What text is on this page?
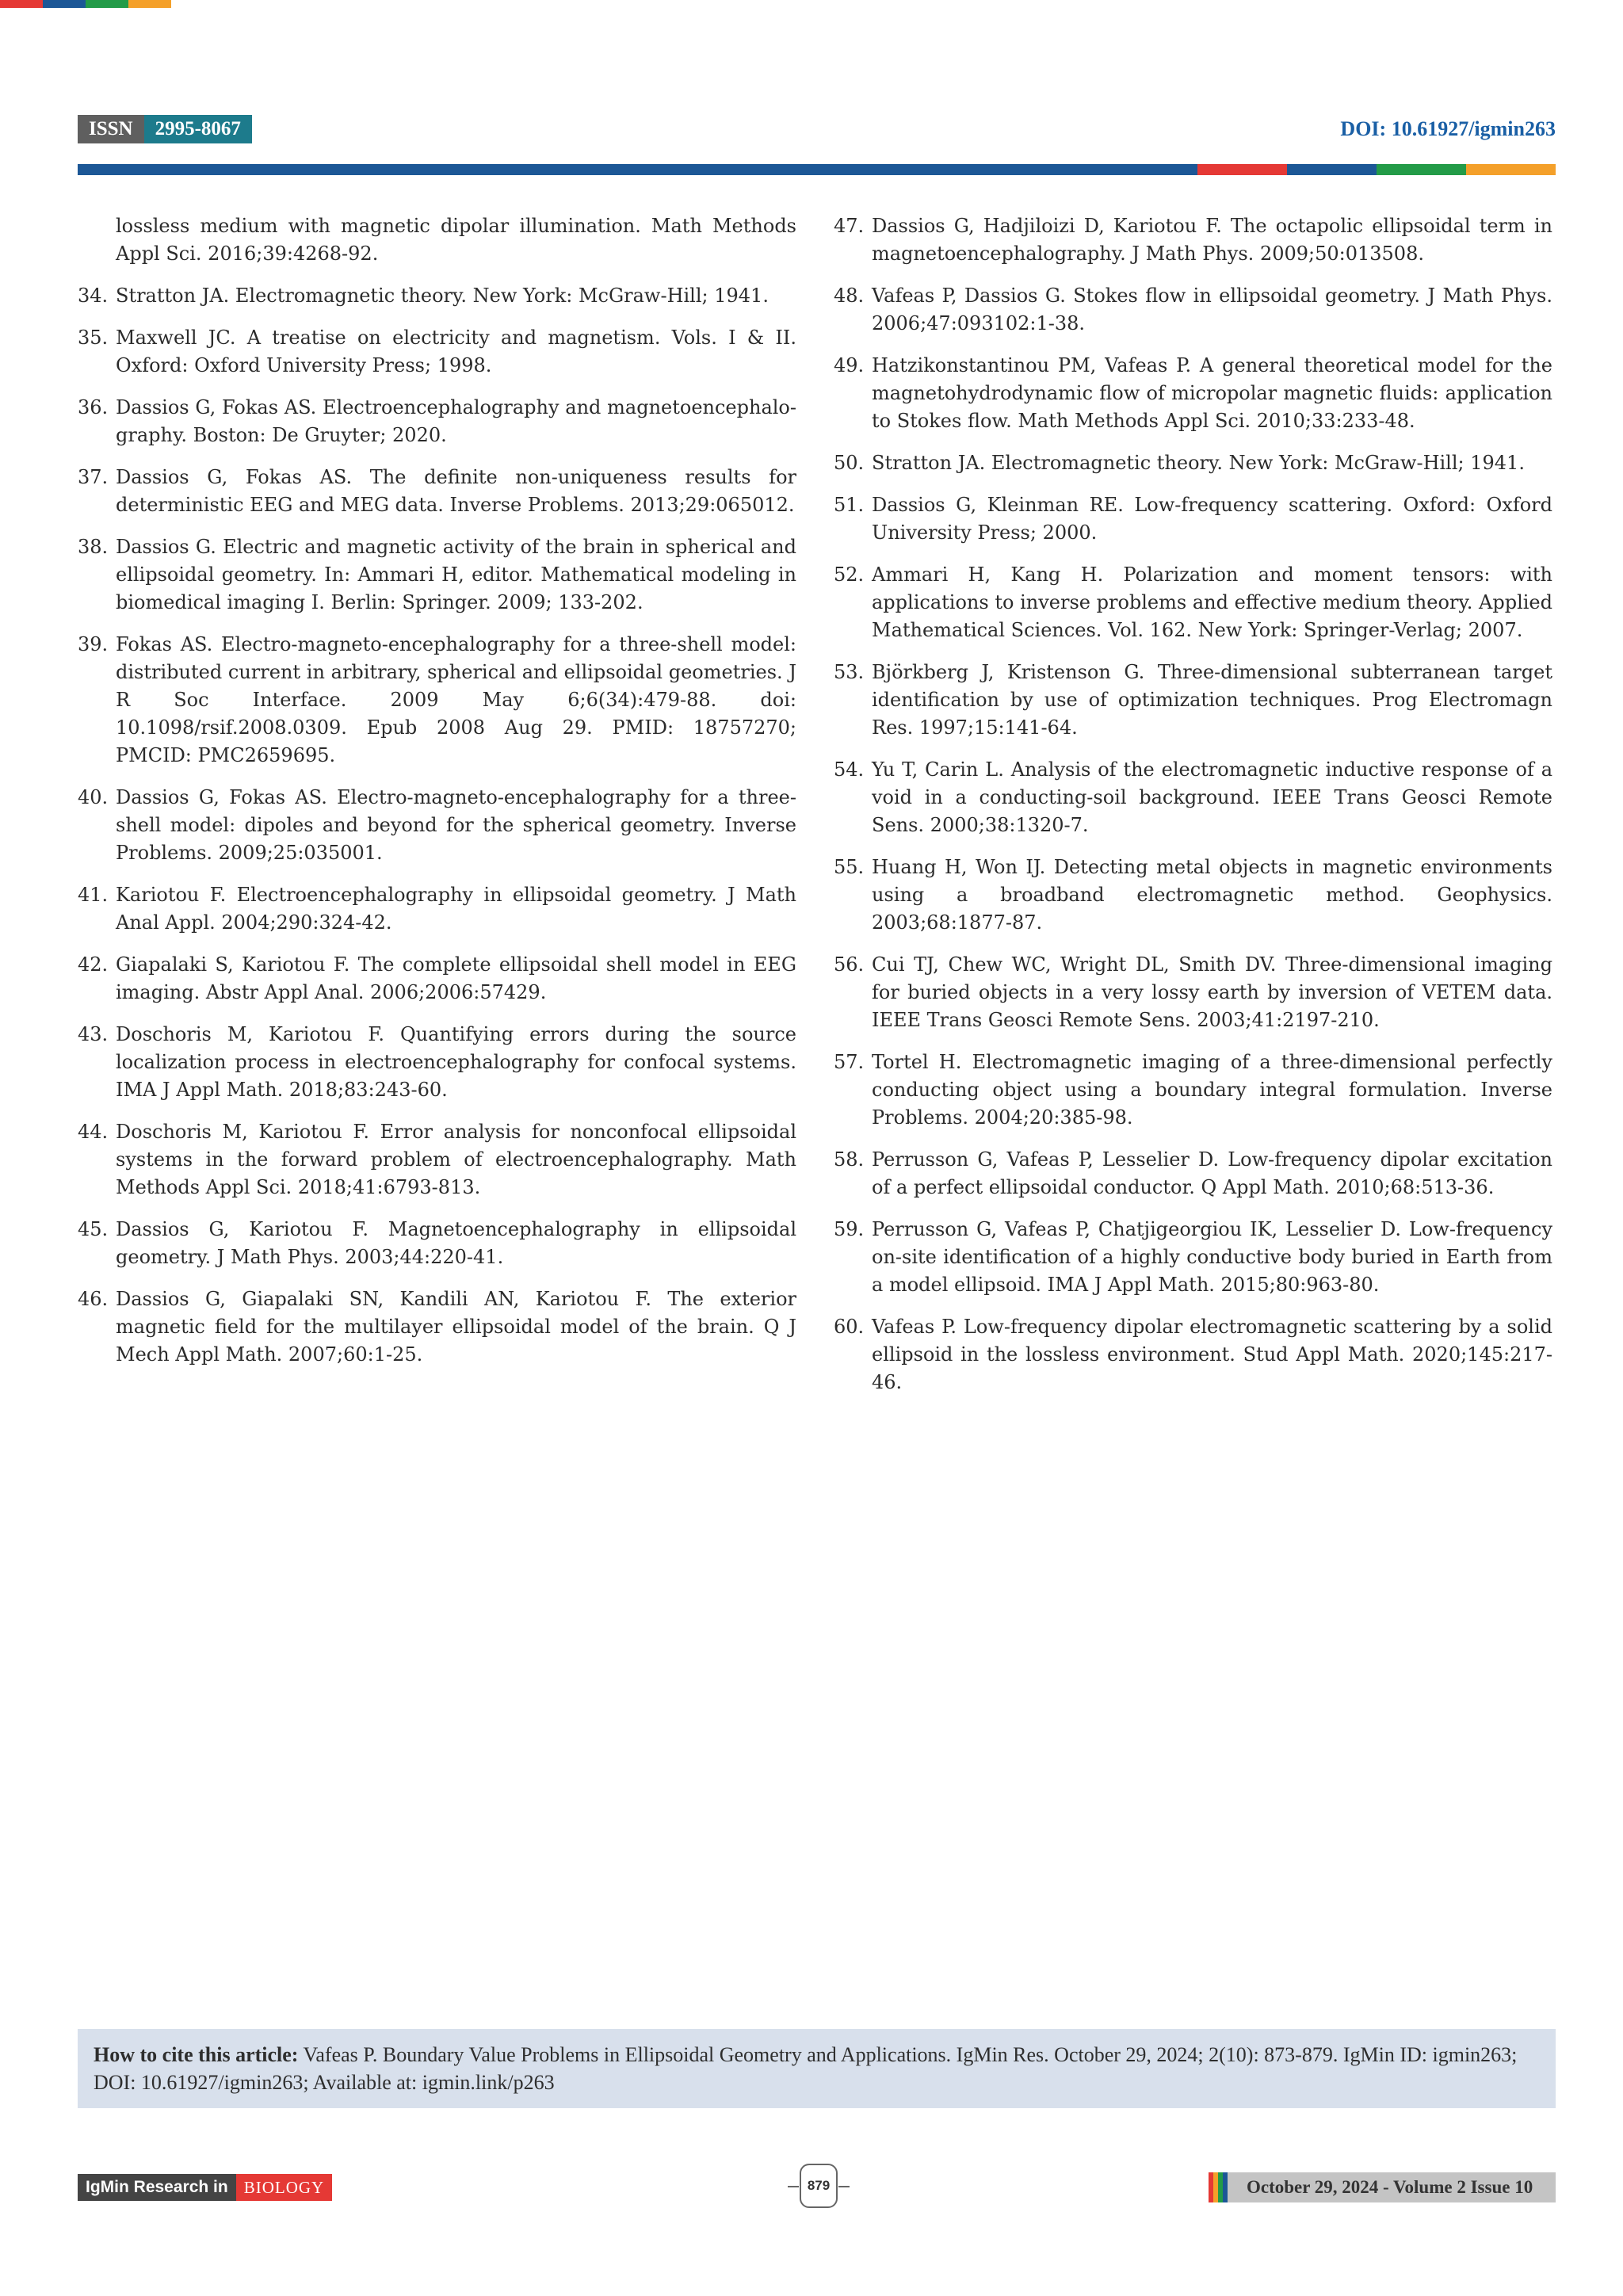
ISSN	2995-8067	DOI: 10.61927/igmin263
lossless medium with magnetic dipolar illumination. Math Methods Appl Sci. 2016;39:4268-92.
34. Stratton JA. Electromagnetic theory. New York: McGraw-Hill; 1941.
35. Maxwell JC. A treatise on electricity and magnetism. Vols. I & II. Oxford: Oxford University Press; 1998.
36. Dassios G, Fokas AS. Electroencephalography and magnetoencephalography. Boston: De Gruyter; 2020.
37. Dassios G, Fokas AS. The definite non-uniqueness results for deterministic EEG and MEG data. Inverse Problems. 2013;29:065012.
38. Dassios G. Electric and magnetic activity of the brain in spherical and ellipsoidal geometry. In: Ammari H, editor. Mathematical modeling in biomedical imaging I. Berlin: Springer. 2009; 133-202.
39. Fokas AS. Electro-magneto-encephalography for a three-shell model: distributed current in arbitrary, spherical and ellipsoidal geometries. J R Soc Interface. 2009 May 6;6(34):479-88. doi: 10.1098/rsif.2008.0309. Epub 2008 Aug 29. PMID: 18757270; PMCID: PMC2659695.
40. Dassios G, Fokas AS. Electro-magneto-encephalography for a three-shell model: dipoles and beyond for the spherical geometry. Inverse Problems. 2009;25:035001.
41. Kariotou F. Electroencephalography in ellipsoidal geometry. J Math Anal Appl. 2004;290:324-42.
42. Giapalaki S, Kariotou F. The complete ellipsoidal shell model in EEG imaging. Abstr Appl Anal. 2006;2006:57429.
43. Doschoris M, Kariotou F. Quantifying errors during the source localization process in electroencephalography for confocal systems. IMA J Appl Math. 2018;83:243-60.
44. Doschoris M, Kariotou F. Error analysis for nonconfocal ellipsoidal systems in the forward problem of electroencephalography. Math Methods Appl Sci. 2018;41:6793-813.
45. Dassios G, Kariotou F. Magnetoencephalography in ellipsoidal geometry. J Math Phys. 2003;44:220-41.
46. Dassios G, Giapalaki SN, Kandili AN, Kariotou F. The exterior magnetic field for the multilayer ellipsoidal model of the brain. Q J Mech Appl Math. 2007;60:1-25.
47. Dassios G, Hadjiloizi D, Kariotou F. The octapolic ellipsoidal term in magnetoencephalography. J Math Phys. 2009;50:013508.
48. Vafeas P, Dassios G. Stokes flow in ellipsoidal geometry. J Math Phys. 2006;47:093102:1-38.
49. Hatzikonstantinou PM, Vafeas P. A general theoretical model for the magnetohydrodynamic flow of micropolar magnetic fluids: application to Stokes flow. Math Methods Appl Sci. 2010;33:233-48.
50. Stratton JA. Electromagnetic theory. New York: McGraw-Hill; 1941.
51. Dassios G, Kleinman RE. Low-frequency scattering. Oxford: Oxford University Press; 2000.
52. Ammari H, Kang H. Polarization and moment tensors: with applications to inverse problems and effective medium theory. Applied Mathematical Sciences. Vol. 162. New York: Springer-Verlag; 2007.
53. Björkberg J, Kristenson G. Three-dimensional subterranean target identification by use of optimization techniques. Prog Electromagn Res. 1997;15:141-64.
54. Yu T, Carin L. Analysis of the electromagnetic inductive response of a void in a conducting-soil background. IEEE Trans Geosci Remote Sens. 2000;38:1320-7.
55. Huang H, Won IJ. Detecting metal objects in magnetic environments using a broadband electromagnetic method. Geophysics. 2003;68:1877-87.
56. Cui TJ, Chew WC, Wright DL, Smith DV. Three-dimensional imaging for buried objects in a very lossy earth by inversion of VETEM data. IEEE Trans Geosci Remote Sens. 2003;41:2197-210.
57. Tortel H. Electromagnetic imaging of a three-dimensional perfectly conducting object using a boundary integral formulation. Inverse Problems. 2004;20:385-98.
58. Perrusson G, Vafeas P, Lesselier D. Low-frequency dipolar excitation of a perfect ellipsoidal conductor. Q Appl Math. 2010;68:513-36.
59. Perrusson G, Vafeas P, Chatjigeorgiou IK, Lesselier D. Low-frequency on-site identification of a highly conductive body buried in Earth from a model ellipsoid. IMA J Appl Math. 2015;80:963-80.
60. Vafeas P. Low-frequency dipolar electromagnetic scattering by a solid ellipsoid in the lossless environment. Stud Appl Math. 2020;145:217-46.
How to cite this article: Vafeas P. Boundary Value Problems in Ellipsoidal Geometry and Applications. IgMin Res. October 29, 2024; 2(10): 873-879. IgMin ID: igmin263; DOI: 10.61927/igmin263; Available at: igmin.link/p263
IgMin Research in BIOLOGY	879	October 29, 2024 - Volume 2 Issue 10
